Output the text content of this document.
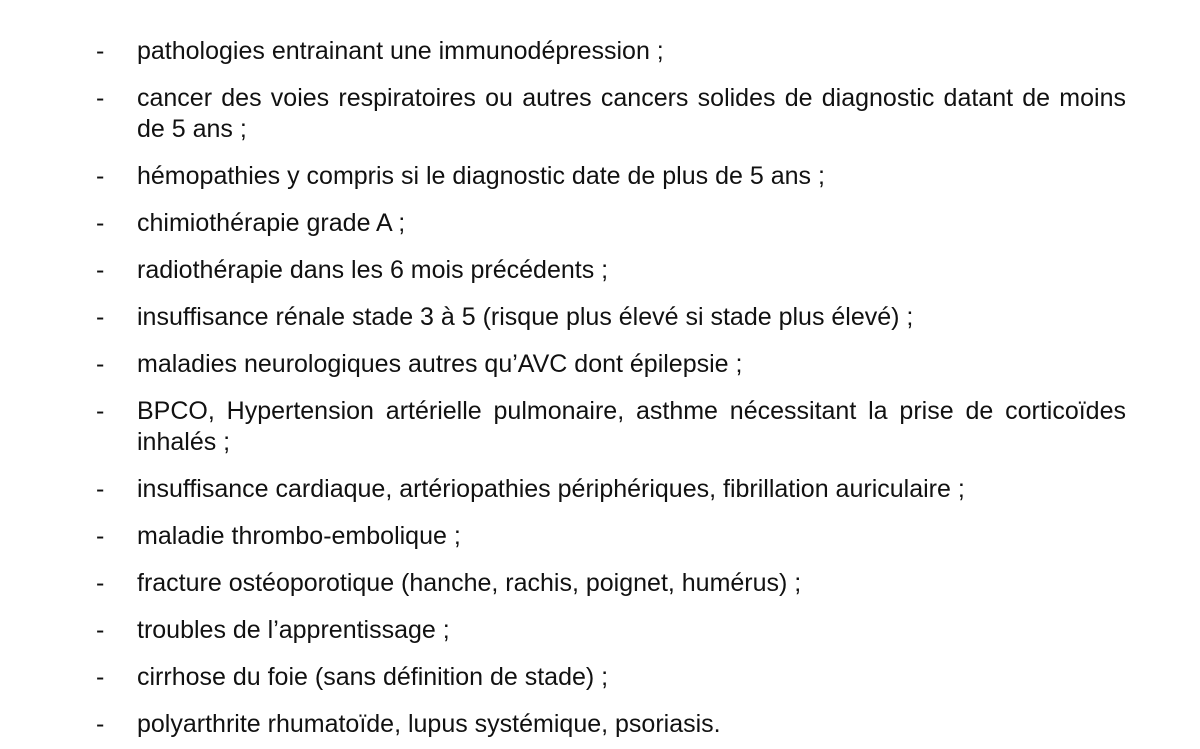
- pathologies entrainant une immunodépression ;
- cancer des voies respiratoires ou autres cancers solides de diagnostic datant de moins de 5 ans ;
- hémopathies y compris si le diagnostic date de plus de 5 ans ;
- chimiothérapie grade A ;
- radiothérapie dans les 6 mois précédents ;
- insuffisance rénale stade 3 à 5 (risque plus élevé si stade plus élevé) ;
- maladies neurologiques autres qu’AVC dont épilepsie ;
- BPCO, Hypertension artérielle pulmonaire, asthme nécessitant la prise de corticoïdes inhalés ;
- insuffisance cardiaque, artériopathies périphériques, fibrillation auriculaire ;
- maladie thrombo-embolique ;
- fracture ostéoporotique (hanche, rachis, poignet, humérus) ;
- troubles de l’apprentissage ;
- cirrhose du foie (sans définition de stade) ;
- polyarthrite rhumatoïde, lupus systémique, psoriasis.
